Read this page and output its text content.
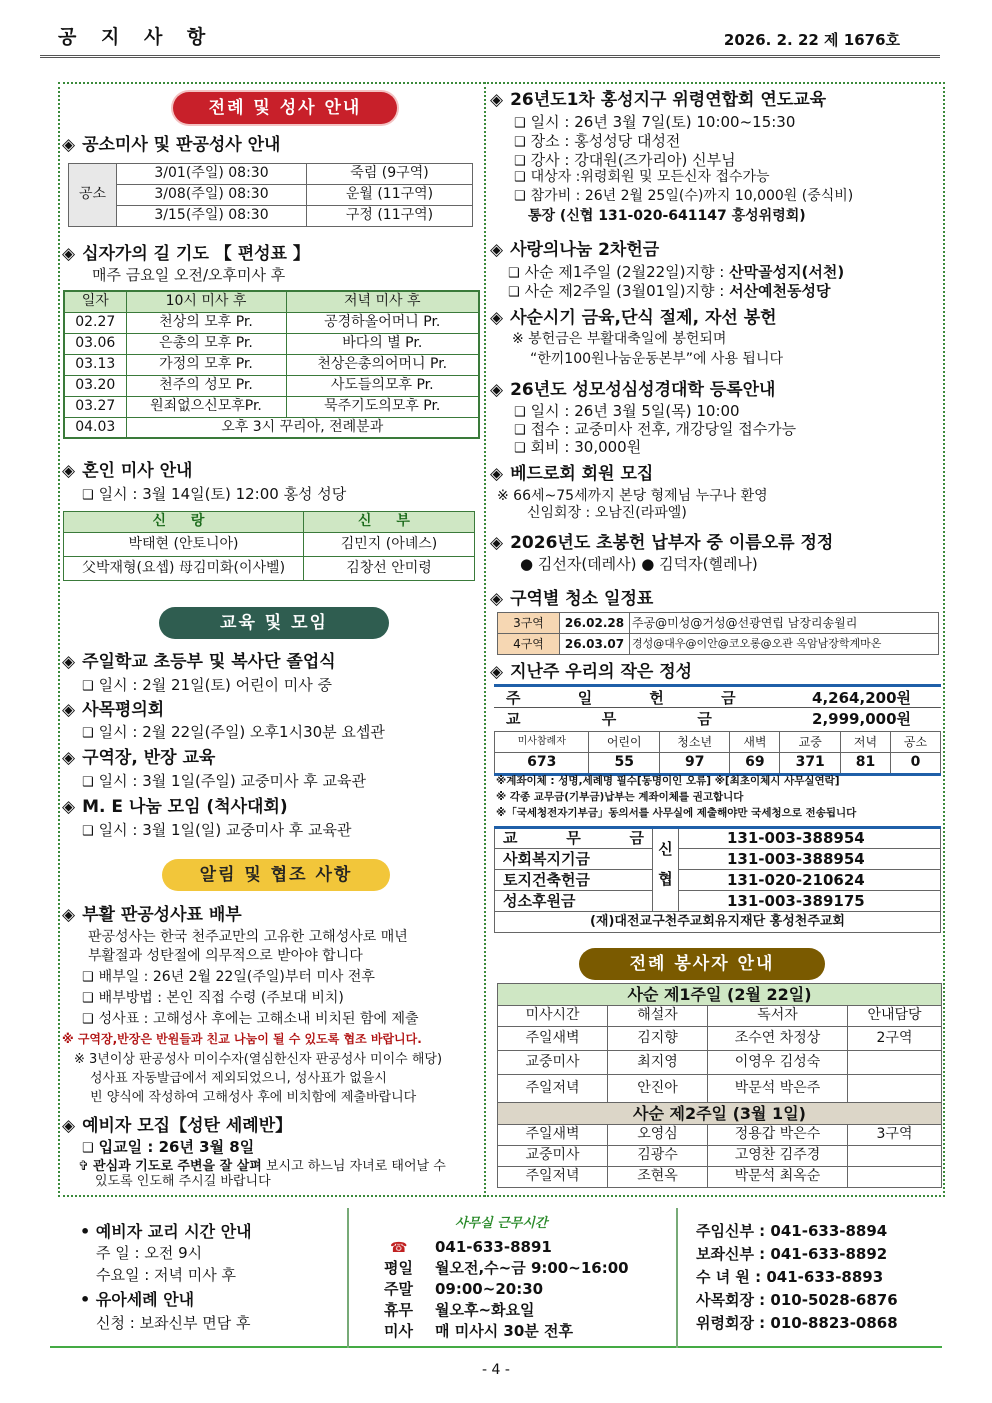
공 지 사 항	2026. 2. 22 제 1676호
전례 및 성사 안내
◈ 공소미사 및 판공성사 안내
공소	3/01(주일) 08:30	죽림 (9구역)
	3/08(주일) 08:30	운월 (11구역)
	3/15(주일) 08:30	구정 (11구역)
◈ 십자가의 길 기도 【 편성표 】
매주 금요일 오전/오후미사 후
일자	10시 미사 후	저녁 미사 후
02.27	천상의 모후 Pr.	공경하올어머니 Pr.
03.06	은총의 모후 Pr.	바다의 별 Pr.
03.13	가정의 모후 Pr.	천상은총의어머니 Pr.
03.20	천주의 성모 Pr.	사도들의모후 Pr.
03.27	원죄없으신모후Pr.	묵주기도의모후 Pr.
04.03	오후 3시 꾸리아, 전례분과	
◈ 혼인 미사 안내
❑ 일시 : 3월 14일(토) 12:00 홍성 성당
신 랑	신 부
박태현 (안토니아)	김민지 (아녜스)
父박재형(요셉) 母김미화(이사벨)	김창선 안미령
교육 및 모임
◈ 주일학교 초등부 및 복사단 졸업식
❑ 일시 : 2월 21일(토) 어린이 미사 중
◈ 사목평의회
❑ 일시 : 2월 22일(주일) 오후1시30분 요셉관
◈ 구역장, 반장 교육
❑ 일시 : 3월 1일(주일) 교중미사 후 교육관
◈ M. E 나눔 모임 (척사대회)
❑ 일시 : 3월 1일(일) 교중미사 후 교육관
알림 및 협조 사항
◈ 부활 판공성사표 배부
판공성사는 한국 천주교만의 고유한 고해성사로 매년
부활절과 성탄절에 의무적으로 받아야 합니다
❑ 배부일 : 26년 2월 22일(주일)부터 미사 전후
❑ 배부방법 : 본인 직접 수령 (주보대 비치)
❑ 성사표 : 고해성사 후에는 고해소내 비치된 함에 제출
※ 구역장,반장은 반원들과 친교 나눔이 될 수 있도록 협조 바랍니다.
※ 3년이상 판공성사 미이수자(열심한신자 판공성사 미이수 해당)
성사표 자동발급에서 제외되었으니, 성사표가 없을시
빈 양식에 작성하여 고해성사 후에 비치함에 제출바랍니다
◈ 예비자 모집【성탄 세례반】
❑ 입교일 : 26년 3월 8일
✞ 관심과 기도로 주변을 잘 살펴 보시고 하느님 자녀로 태어날 수
있도록 인도해 주시길 바랍니다
◈ 26년도1차 홍성지구 위령연합회 연도교육
❑ 일시 : 26년 3월 7일(토) 10:00~15:30
❑ 장소 : 홍성성당 대성전
❑ 강사 : 강대원(즈가리아) 신부님
❑ 대상자 :위령회원 및 모든신자 접수가능
❑ 참가비 : 26년 2월 25일(수)까지 10,000원 (중식비)
통장 (신협 131-020-641147 홍성위령회)
◈ 사랑의나눔 2차헌금
❑ 사순 제1주일 (2월22일)지향 : 산막골성지(서천)
❑ 사순 제2주일 (3월01일)지향 : 서산예천동성당
◈ 사순시기 금육,단식 절제, 자선 봉헌
※ 봉헌금은 부활대축일에 봉헌되며
“한끼100원나눔운동본부”에 사용 됩니다
◈ 26년도 성모성심성경대학 등록안내
❑ 일시 : 26년 3월 5일(목) 10:00
❑ 접수 : 교중미사 전후, 개강당일 접수가능
❑ 회비 : 30,000원
◈ 베드로회 회원 모집
※ 66세~75세까지 본당 형제님 누구나 환영
신임회장 : 오남진(라파엘)
◈ 2026년도 초봉헌 납부자 중 이름오류 정정
● 김선자(데레사) ● 김덕자(헬레나)
◈ 구역별 청소 일정표
3구역	26.02.28	주공@미성@거성@선광연립 남장리송월리
4구역	26.03.07	경성@대우@이안@코오롱@오관 옥암남장학계마온
◈ 지난주 우리의 작은 정성
주 일 헌 금	4,264,200원
교 무 금	2,999,000원
미사참례자	어린이	청소년	새벽	교중	저녁	공소
673	55	97	69	371	81	0
※계좌이체 : 성명,세례명 필수[동명이인 오류] ※[최초이체시 사무실연락]
※ 각종 교무금(기부금)납부는 계좌이체를 권고합니다
※「국세청전자기부금」동의서를 사무실에 제출해야만 국세청으로 전송됩니다
교 무 금	신	131-003-388954
사회복지기금		131-003-388954
토지건축헌금	협	131-020-210624
성소후원금		131-003-389175
(재)대전교구천주교회유지재단 홍성천주교회		
전례 봉사자 안내
사순 제1주일 (2월 22일)			
미사시간	해설자	독서자	안내담당
주일새벽	김지향	조수연 차정상	2구역
교중미사	최지영	이영우 김성숙	
주일저녁	안진아	박문석 박은주	
사순 제2주일 (3월 1일)			
주일새벽	오영심	정용갑 박은수	3구역
교중미사	김광수	고영찬 김주경	
주일저녁	조현옥	박문석 최옥순	
• 예비자 교리 시간 안내
주 일 : 오전 9시
수요일 : 저녁 미사 후
• 유아세례 안내
신청 : 보좌신부 면담 후
사무실 근무시간
☎ 041-633-8891
평일 월오전,수~금 9:00~16:00
주말 09:00~20:30
휴무 월오후~화요일
미사 매 미사시 30분 전후
주임신부 : 041-633-8894
보좌신부 : 041-633-8892
수 녀 원 : 041-633-8893
사목회장 : 010-5028-6876
위령회장 : 010-8823-0868
- 4 -
